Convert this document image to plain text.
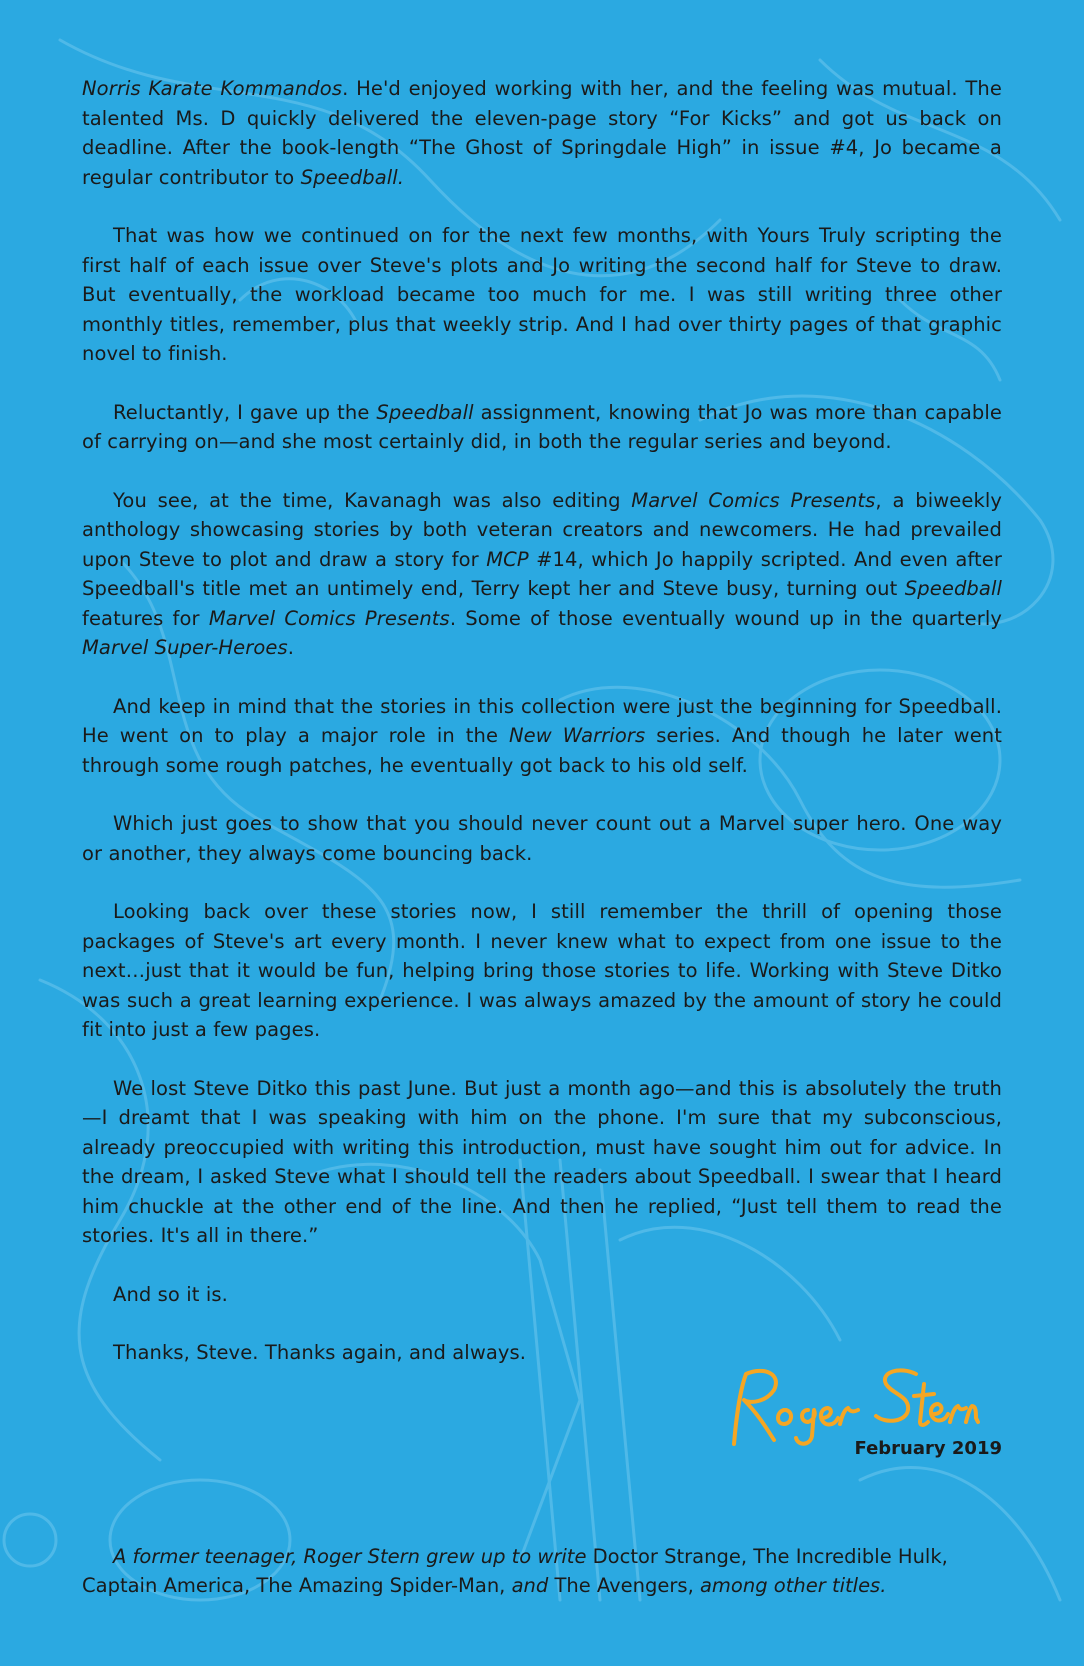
Norris Karate Kommandos. He'd enjoyed working with her, and the feeling was mutual. The talented Ms. D quickly delivered the eleven-page story “For Kicks” and got us back on deadline. After the book-length “The Ghost of Springdale High” in issue #4, Jo became a regular contributor to Speedball.

That was how we continued on for the next few months, with Yours Truly scripting the first half of each issue over Steve's plots and Jo writing the second half for Steve to draw. But eventually, the workload became too much for me. I was still writing three other monthly titles, remember, plus that weekly strip. And I had over thirty pages of that graphic novel to finish.

Reluctantly, I gave up the Speedball assignment, knowing that Jo was more than capable of carrying on—and she most certainly did, in both the regular series and beyond.

You see, at the time, Kavanagh was also editing Marvel Comics Presents, a biweekly anthology showcasing stories by both veteran creators and newcomers. He had prevailed upon Steve to plot and draw a story for MCP #14, which Jo happily scripted. And even after Speedball's title met an untimely end, Terry kept her and Steve busy, turning out Speedball features for Marvel Comics Presents. Some of those eventually wound up in the quarterly Marvel Super-Heroes.

And keep in mind that the stories in this collection were just the beginning for Speedball. He went on to play a major role in the New Warriors series. And though he later went through some rough patches, he eventually got back to his old self.

Which just goes to show that you should never count out a Marvel super hero. One way or another, they always come bouncing back.

Looking back over these stories now, I still remember the thrill of opening those packages of Steve's art every month. I never knew what to expect from one issue to the next…just that it would be fun, helping bring those stories to life. Working with Steve Ditko was such a great learning experience. I was always amazed by the amount of story he could fit into just a few pages.

We lost Steve Ditko this past June. But just a month ago—and this is absolutely the truth—I dreamt that I was speaking with him on the phone. I'm sure that my subconscious, already preoccupied with writing this introduction, must have sought him out for advice. In the dream, I asked Steve what I should tell the readers about Speedball. I swear that I heard him chuckle at the other end of the line. And then he replied, “Just tell them to read the stories. It's all in there.”

And so it is.

Thanks, Steve. Thanks again, and always.

February 2019

A former teenager, Roger Stern grew up to write Doctor Strange, The Incredible Hulk, Captain America, The Amazing Spider-Man, and The Avengers, among other titles.
